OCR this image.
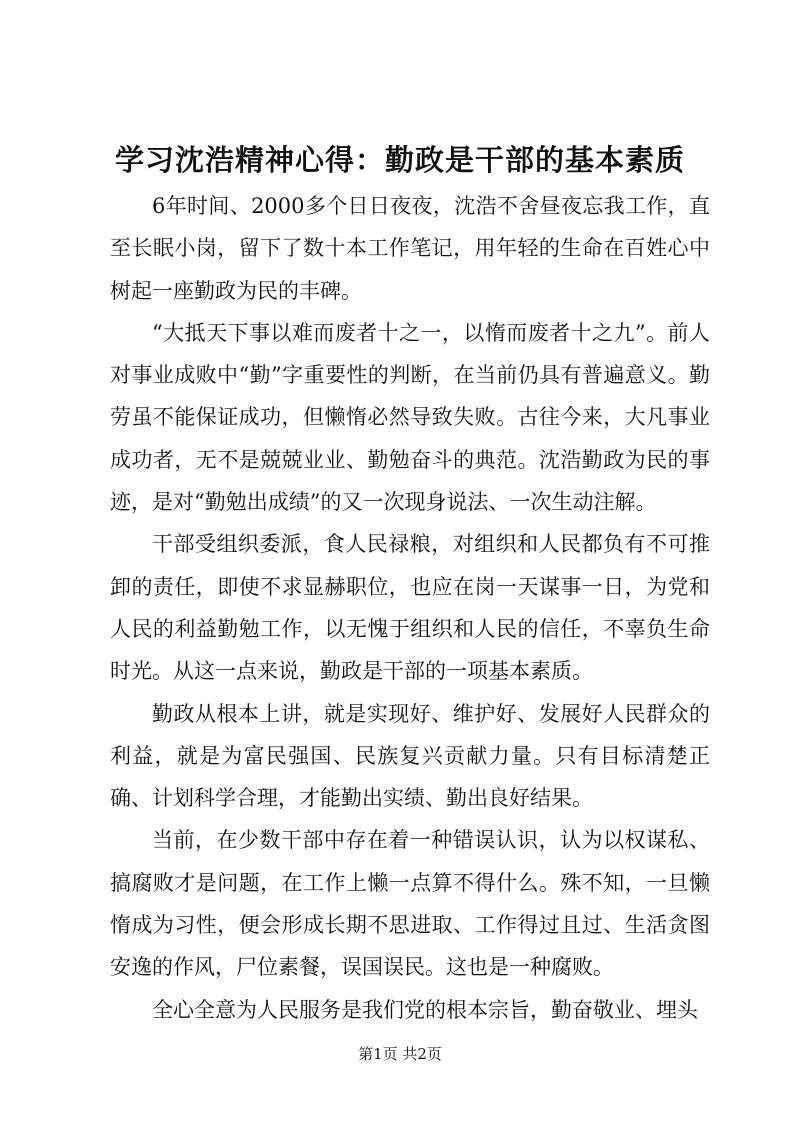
学习沈浩精神心得：勤政是干部的基本素质

6年时间、2000多个日日夜夜，沈浩不舍昼夜忘我工作，直至长眠小岗，留下了数十本工作笔记，用年轻的生命在百姓心中树起一座勤政为民的丰碑。

“大抵天下事以难而废者十之一，以惰而废者十之九”。前人对事业成败中“勤”字重要性的判断，在当前仍具有普遍意义。勤劳虽不能保证成功，但懒惰必然导致失败。古往今来，大凡事业成功者，无不是兢兢业业、勤勉奋斗的典范。沈浩勤政为民的事迹，是对“勤勉出成绩”的又一次现身说法、一次生动注解。

干部受组织委派，食人民禄粮，对组织和人民都负有不可推卸的责任，即使不求显赫职位，也应在岗一天谋事一日，为党和人民的利益勤勉工作，以无愧于组织和人民的信任，不辜负生命时光。从这一点来说，勤政是干部的一项基本素质。

勤政从根本上讲，就是实现好、维护好、发展好人民群众的利益，就是为富民强国、民族复兴贡献力量。只有目标清楚正确、计划科学合理，才能勤出实绩、勤出良好结果。

当前，在少数干部中存在着一种错误认识，认为以权谋私、搞腐败才是问题，在工作上懒一点算不得什么。殊不知，一旦懒惰成为习性，便会形成长期不思进取、工作得过且过、生活贪图安逸的作风，尸位素餐，误国误民。这也是一种腐败。

全心全意为人民服务是我们党的根本宗旨，勤奋敬业、埋头

第1页 共2页
